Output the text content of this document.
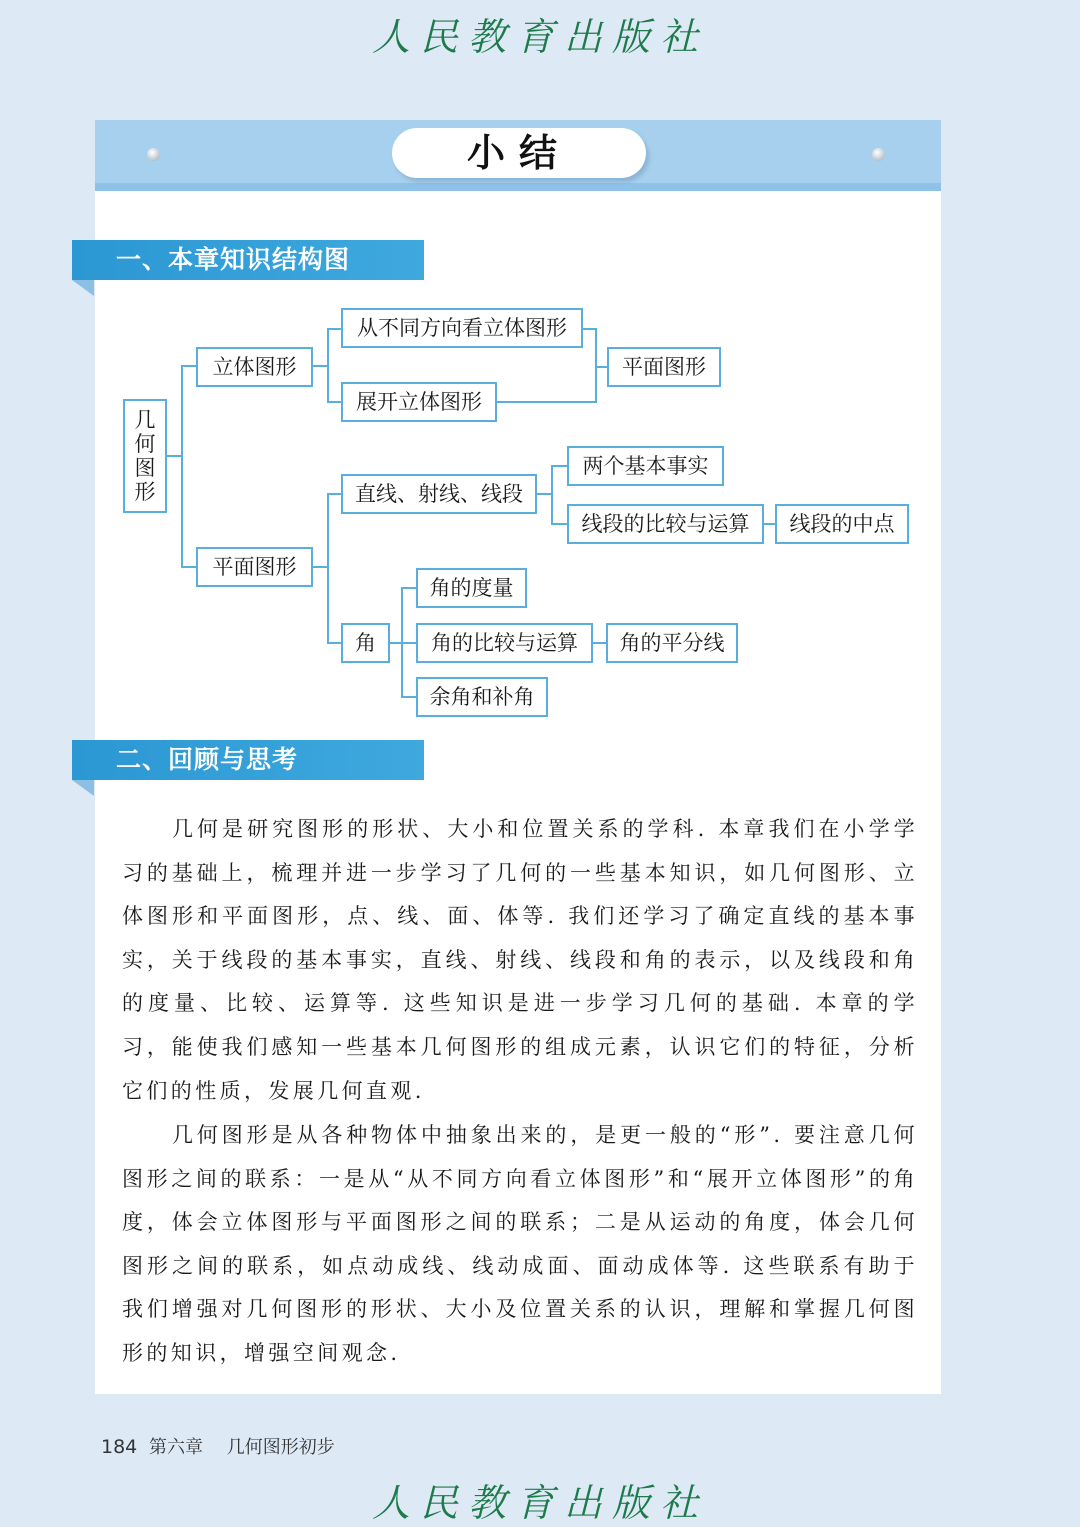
人民教育出版社
小结
一、本章知识结构图
几何图形
立体图形
从不同方向看立体图形
展开立体图形
平面图形
平面图形
直线、射线、线段
两个基本事实
线段的比较与运算	线段的中点
角
角的度量
角的比较与运算	角的平分线
余角和补角
二、回顾与思考

几何是研究图形的形状、大小和位置关系的学科. 本章我们在小学学习的基础上，梳理并进一步学习了几何的一些基本知识，如几何图形、立体图形和平面图形，点、线、面、体等. 我们还学习了确定直线的基本事实，关于线段的基本事实，直线、射线、线段和角的表示，以及线段和角的度量、比较、运算等. 这些知识是进一步学习几何的基础. 本章的学习，能使我们感知一些基本几何图形的组成元素，认识它们的特征，分析它们的性质，发展几何直观.

几何图形是从各种物体中抽象出来的，是更一般的“形”. 要注意几何图形之间的联系：一是从“从不同方向看立体图形”和“展开立体图形”的角度，体会立体图形与平面图形之间的联系；二是从运动的角度，体会几何图形之间的联系，如点动成线、线动成面、面动成体等. 这些联系有助于我们增强对几何图形的形状、大小及位置关系的认识，理解和掌握几何图形的知识，增强空间观念.

184 第六章 几何图形初步
人民教育出版社
